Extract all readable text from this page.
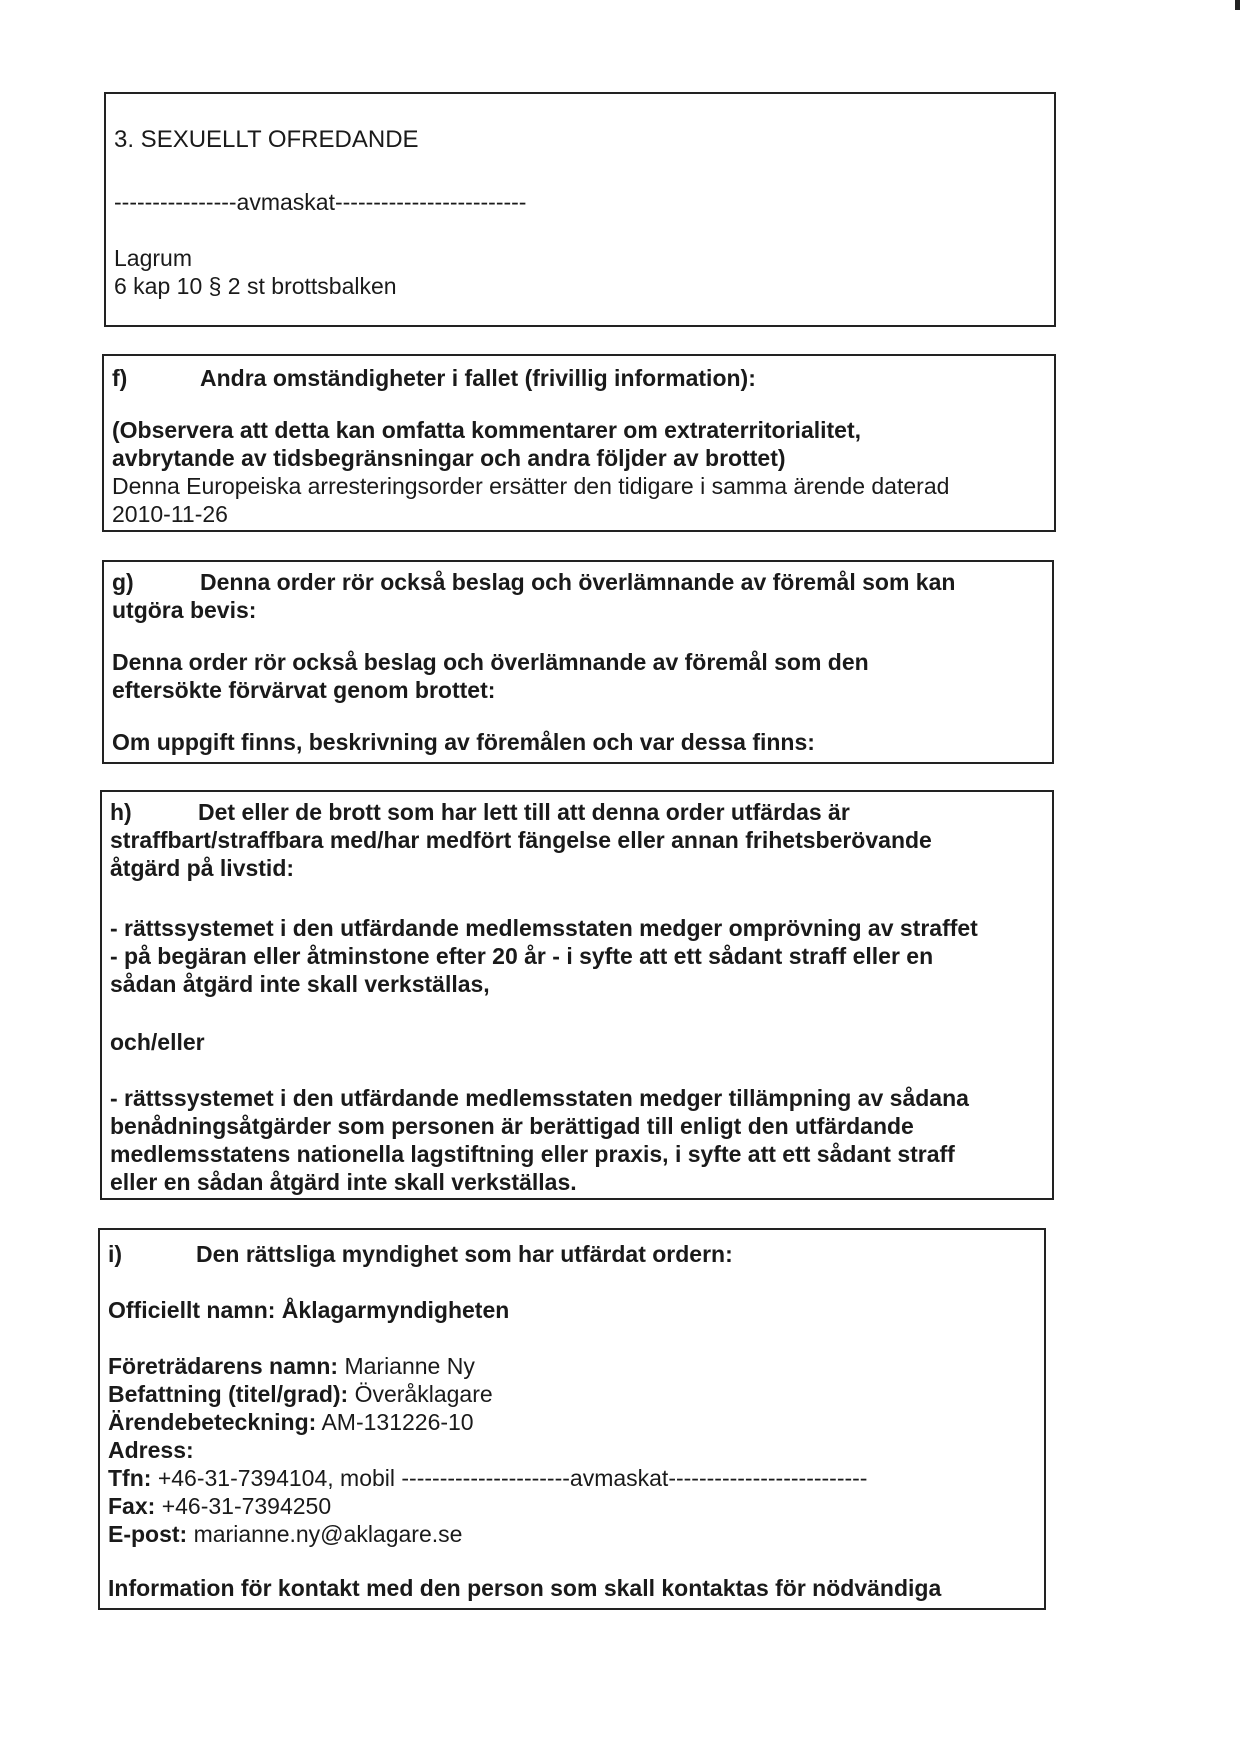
3. SEXUELLT OFREDANDE
----------------avmaskat-------------------------
Lagrum
6 kap 10 § 2 st brottsbalken
f)	Andra omständigheter i fallet (frivillig information):
(Observera att detta kan omfatta kommentarer om extraterritorialitet,
avbrytande av tidsbegränsningar och andra följder av brottet)
Denna Europeiska arresteringsorder ersätter den tidigare i samma ärende daterad
2010-11-26
g)	Denna order rör också beslag och överlämnande av föremål som kan
utgöra bevis:
Denna order rör också beslag och överlämnande av föremål som den
eftersökte förvärvat genom brottet:
Om uppgift finns, beskrivning av föremålen och var dessa finns:
h)	Det eller de brott som har lett till att denna order utfärdas är
straffbart/straffbara med/har medfört fängelse eller annan frihetsberövande
åtgärd på livstid:
- rättssystemet i den utfärdande medlemsstaten medger omprövning av straffet
- på begäran eller åtminstone efter 20 år - i syfte att ett sådant straff eller en
sådan åtgärd inte skall verkställas,
och/eller
- rättssystemet i den utfärdande medlemsstaten medger tillämpning av sådana
benådningsåtgärder som personen är berättigad till enligt den utfärdande
medlemsstatens nationella lagstiftning eller praxis, i syfte att ett sådant straff
eller en sådan åtgärd inte skall verkställas.
i)	Den rättsliga myndighet som har utfärdat ordern:
Officiellt namn: Åklagarmyndigheten
Företrädarens namn: Marianne Ny
Befattning (titel/grad): Överåklagare
Ärendebeteckning: AM-131226-10
Adress:
Tfn: +46-31-7394104, mobil ----------------------avmaskat--------------------------
Fax: +46-31-7394250
E-post: marianne.ny@aklagare.se
Information för kontakt med den person som skall kontaktas för nödvändiga
